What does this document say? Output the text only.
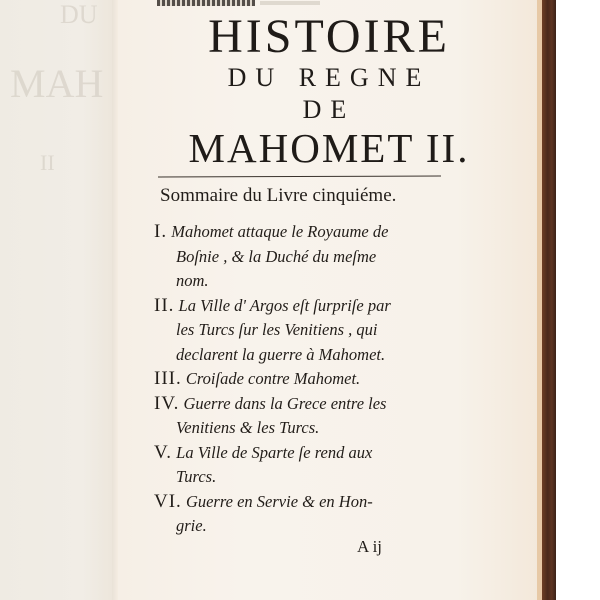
DU
MAH
II
HISTOIRE
DU REGNE
DE
MAHOMET II.
Sommaire du Livre cinquiéme.
I. Mahomet attaque le Royaume de
Boſnie , & la Duché du meſme
nom.
II. La Ville d' Argos eſt ſurpriſe par
les Turcs ſur les Venitiens , qui
declarent la guerre à Mahomet.
III. Croiſade contre Mahomet.
IV. Guerre dans la Grece entre les
Venitiens & les Turcs.
V. La Ville de Sparte ſe rend aux
Turcs.
VI. Guerre en Servie & en Hon-
grie.
A ij
